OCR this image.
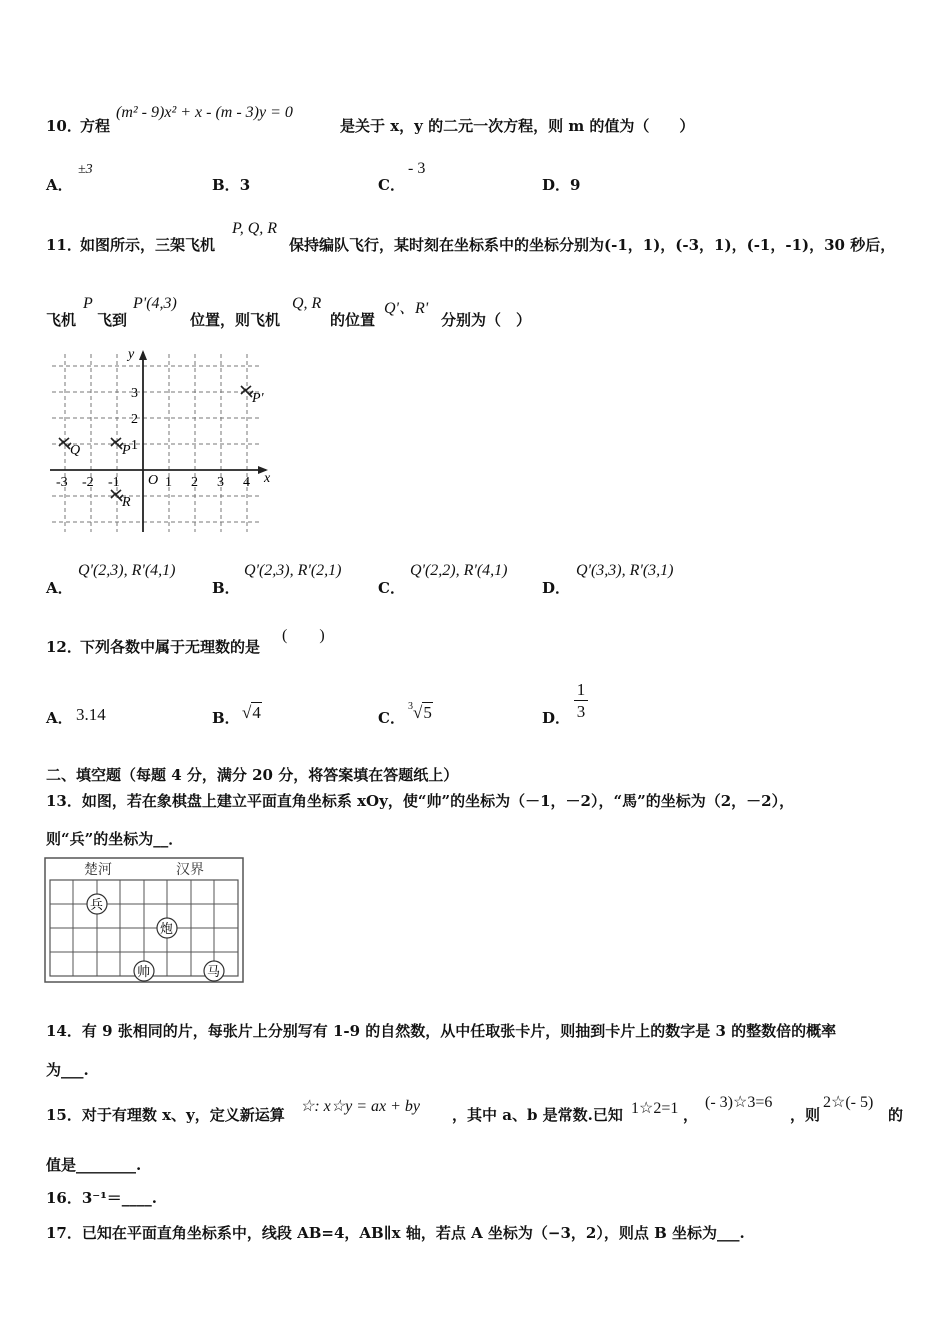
10．
方程
(m² - 9)x² + x - (m - 3)y = 0
是关于 x，y 的二元一次方程，则 m 的值为（　　）
A．
±3
B．3	C．
- 3
D．9
11．
如图所示，三架飞机
P, Q, R
保持编队飞行，某时刻在坐标系中的坐标分别为(-1，1)，(-3，1)，(-1，-1)，30 秒后，
飞机
P
飞到
P'(4,3)
位置，则飞机
Q, R
的位置
Q'、R'
分别为（　）
x
y
O
-3 -2 -1	1 2 3 4
1
2
3
Q	P
R
P'
A．
Q'(2,3), R'(4,1)
B．
Q'(2,3), R'(2,1)
C．
Q'(2,2), R'(4,1)
D．
Q'(3,3), R'(3,1)
12．
下列各数中属于无理数的是
(　　)
A． 3.14	B． √4	C．
$^3$√5	D． $\frac{1}{3}$
二、填空题（每题 4 分，满分 20 分，将答案填在答题纸上）
13．如图，若在象棋盘上建立平面直角坐标系 xOy，使“帅”的坐标为（－1，－2），“馬”的坐标为（2，－2），
则“兵”的坐标为__．
楚河	汉界
兵
炮
帅	马
14．有 9 张相同的片，每张片上分别写有 1-9 的自然数，从中任取张卡片，则抽到卡片上的数字是 3 的整数倍的概率
为___.
15．对于有理数 x、y，定义新运算 ☆: x☆y = ax + by ，其中 a、b 是常数.已知 1☆2=1 ，
(- 3)☆3=6
，则
2☆(- 5)
的
值是________.
16．3⁻¹＝____.
17．已知在平面直角坐标系中，线段 AB=4，AB∥x 轴，若点 A 坐标为（−3，2），则点 B 坐标为___.
